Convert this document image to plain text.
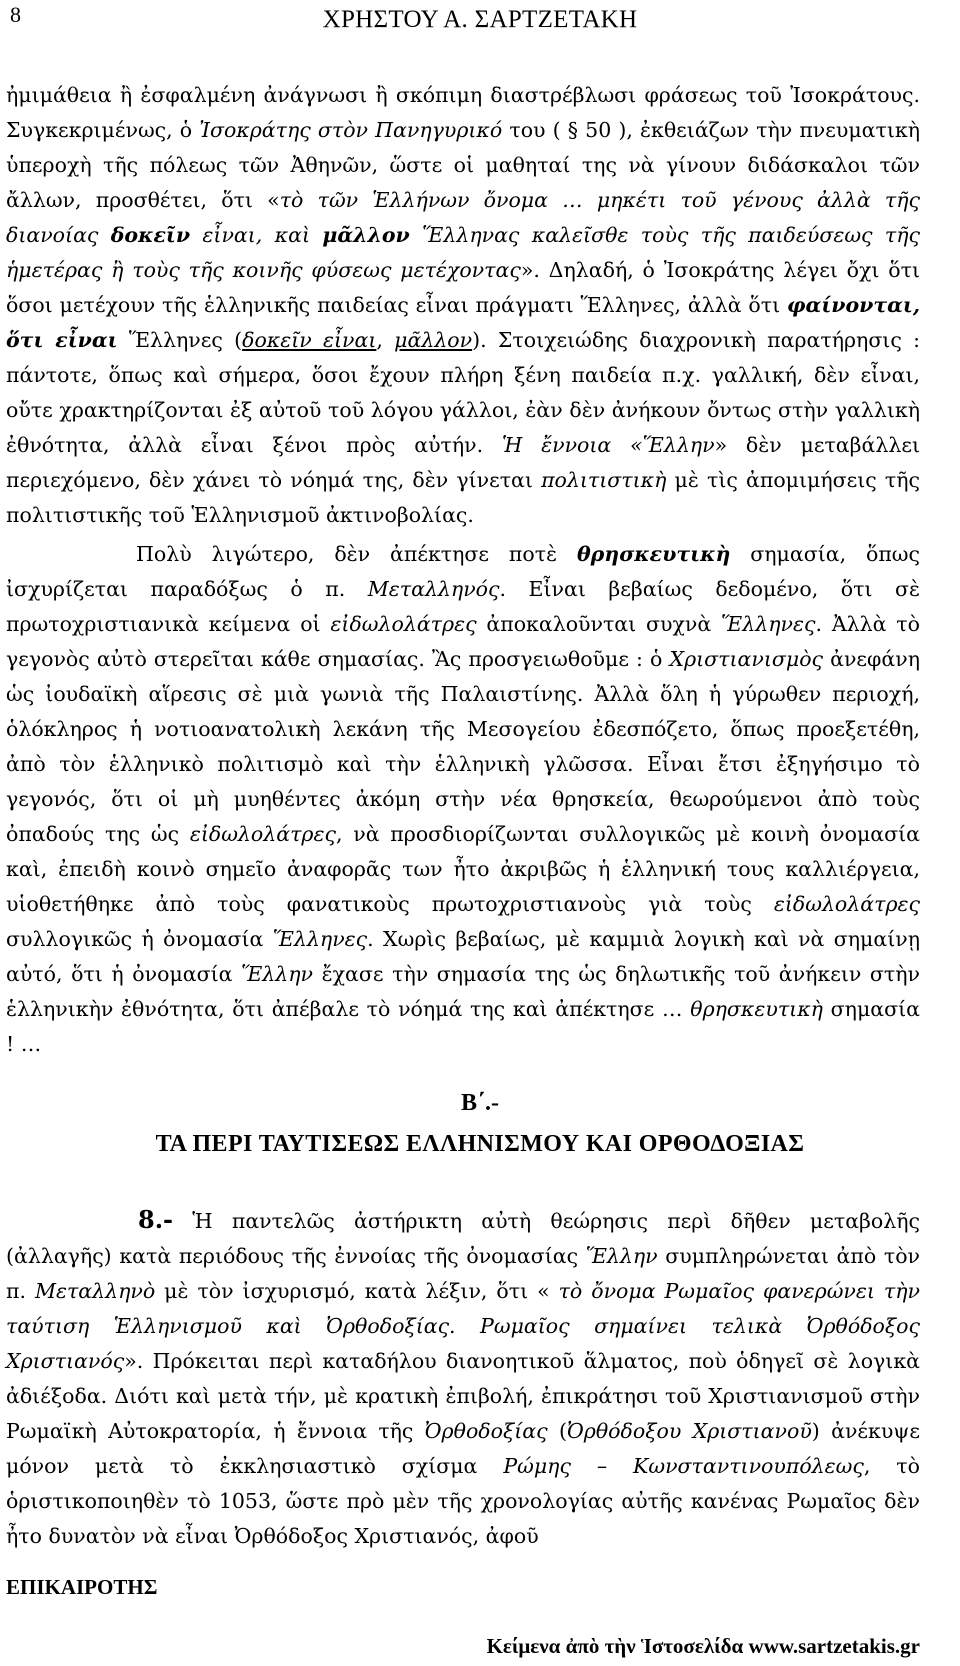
8	ΧΡΗΣΤΟΥ Α. ΣΑΡΤΖΕΤΑΚΗ
ἠμιμάθεια ἢ ἐσφαλμένη ἀνάγνωσι ἢ σκόπιμη διαστρέβλωσι φράσεως τοῦ Ἰσοκράτους. Συγκεκριμένως, ὁ Ἰσοκράτης στὸν Πανηγυρικό του ( § 50 ), ἐκθειάζων τὴν πνευματικὴ ὑπεροχὴ τῆς πόλεως τῶν Ἀθηνῶν, ὥστε οἱ μαθηταί της νὰ γίνουν διδάσκαλοι τῶν ἄλλων, προσθέτει, ὅτι «τὸ τῶν Ἑλλήνων ὄνομα … μηκέτι τοῦ γένους ἀλλὰ τῆς διανοίας δοκεῖν εἶναι, καὶ μᾶλλον Ἕλληνας καλεῖσθε τοὺς τῆς παιδεύσεως τῆς ἡμετέρας ἢ τοὺς τῆς κοινῆς φύσεως μετέχοντας». Δηλαδή, ὁ Ἰσοκράτης λέγει ὄχι ὅτι ὅσοι μετέχουν τῆς ἑλληνικῆς παιδείας εἶναι πράγματι Ἕλληνες, ἀλλὰ ὅτι φαίνονται, ὅτι εἶναι Ἕλληνες (δοκεῖν εἶναι, μᾶλλον). Στοιχειώδης διαχρονικὴ παρατήρησις : πάντοτε, ὅπως καὶ σήμερα, ὅσοι ἔχουν πλήρη ξένη παιδεία π.χ. γαλλική, δὲν εἶναι, οὔτε χρακτηρίζονται ἐξ αὐτοῦ τοῦ λόγου γάλλοι, ἐὰν δὲν ἀνήκουν ὄντως στὴν γαλλικὴ ἐθνότητα, ἀλλὰ εἶναι ξένοι πρὸς αὐτήν. Ἡ ἔννοια «Ἕλλην» δὲν μεταβάλλει περιεχόμενο, δὲν χάνει τὸ νόημά της, δὲν γίνεται πολιτιστικὴ μὲ τὶς ἀπομιμήσεις τῆς πολιτιστικῆς τοῦ Ἑλληνισμοῦ ἀκτινοβολίας.
Πολὺ λιγώτερο, δὲν ἀπέκτησε ποτὲ θρησκευτικὴ σημασία, ὅπως ἰσχυρίζεται παραδόξως ὁ π. Μεταλληνός. Εἶναι βεβαίως δεδομένο, ὅτι σὲ πρωτοχριστιανικὰ κείμενα οἱ εἰδωλολάτρες ἀποκαλοῦνται συχνὰ Ἕλληνες. Ἀλλὰ τὸ γεγονὸς αὐτὸ στερεῖται κάθε σημασίας. Ἂς προσγειωθοῦμε : ὁ Χριστιανισμὸς ἀνεφάνη ὡς ἰουδαϊκὴ αἵρεσις σὲ μιὰ γωνιὰ τῆς Παλαιστίνης. Ἀλλὰ ὅλη ἡ γύρωθεν περιοχή, ὁλόκληρος ἡ νοτιοανατολικὴ λεκάνη τῆς Μεσογείου ἐδεσπόζετο, ὅπως προεξετέθη, ἀπὸ τὸν ἑλληνικὸ πολιτισμὸ καὶ τὴν ἑλληνικὴ γλῶσσα. Εἶναι ἔτσι ἐξηγήσιμο τὸ γεγονός, ὅτι οἱ μὴ μυηθέντες ἀκόμη στὴν νέα θρησκεία, θεωρούμενοι ἀπὸ τοὺς ὀπαδούς της ὡς εἰδωλολάτρες, νὰ προσδιορίζωνται συλλογικῶς μὲ κοινὴ ὀνομασία καὶ, ἐπειδὴ κοινὸ σημεῖο ἀναφορᾶς των ἦτο ἀκριβῶς ἡ ἑλληνική τους καλλιέργεια, υἱοθετήθηκε ἀπὸ τοὺς φανατικοὺς πρωτοχριστιανοὺς γιὰ τοὺς εἰδωλολάτρες συλλογικῶς ἡ ὀνομασία Ἕλληνες. Χωρὶς βεβαίως, μὲ καμμιὰ λογικὴ καὶ νὰ σημαίνῃ αὐτό, ὅτι ἡ ὀνομασία Ἕλλην ἔχασε τὴν σημασία της ὡς δηλωτικῆς τοῦ ἀνήκειν στὴν ἑλληνικὴν ἐθνότητα, ὅτι ἀπέβαλε τὸ νόημά της καὶ ἀπέκτησε … θρησκευτικὴ σημασία ! …
Β΄.-
ΤΑ ΠΕΡΙ ΤΑΥΤΙΣΕΩΣ ΕΛΛΗΝΙΣΜΟΥ ΚΑΙ ΟΡΘΟΔΟΞΙΑΣ
8.- Ἡ παντελῶς ἀστήρικτη αὐτὴ θεώρησις περὶ δῆθεν μεταβολῆς (ἀλλαγῆς) κατὰ περιόδους τῆς ἐννοίας τῆς ὀνομασίας Ἕλλην συμπληρώνεται ἀπὸ τὸν π. Μεταλληνὸ μὲ τὸν ἰσχυρισμό, κατὰ λέξιν, ὅτι « τὸ ὄνομα Ρωμαῖος φανερώνει τὴν ταύτιση Ἑλληνισμοῦ καὶ Ὀρθοδοξίας. Ρωμαῖος σημαίνει τελικὰ Ὀρθόδοξος Χριστιανός». Πρόκειται περὶ καταδήλου διανοητικοῦ ἅλματος, ποὺ ὁδηγεῖ σὲ λογικὰ ἀδιέξοδα. Διότι καὶ μετὰ τήν, μὲ κρατικὴ ἐπιβολή, ἐπικράτησι τοῦ Χριστιανισμοῦ στὴν Ρωμαϊκὴ Αὐτοκρατορία, ἡ ἔννοια τῆς Ὀρθοδοξίας (Ὀρθόδοξου Χριστιανοῦ) ἀνέκυψε μόνον μετὰ τὸ ἐκκλησιαστικὸ σχίσμα Ρώμης – Κωνσταντινουπόλεως, τὸ ὁριστικοποιηθὲν τὸ 1053, ὥστε πρὸ μὲν τῆς χρονολογίας αὐτῆς κανένας Ρωμαῖος δὲν ἦτο δυνατὸν νὰ εἶναι Ὀρθόδοξος Χριστιανός, ἀφοῦ
ΕΠΙΚΑΙΡΟΤΗΣ
Κείμενα ἀπὸ τὴν Ἱστοσελίδα www.sartzetakis.gr
